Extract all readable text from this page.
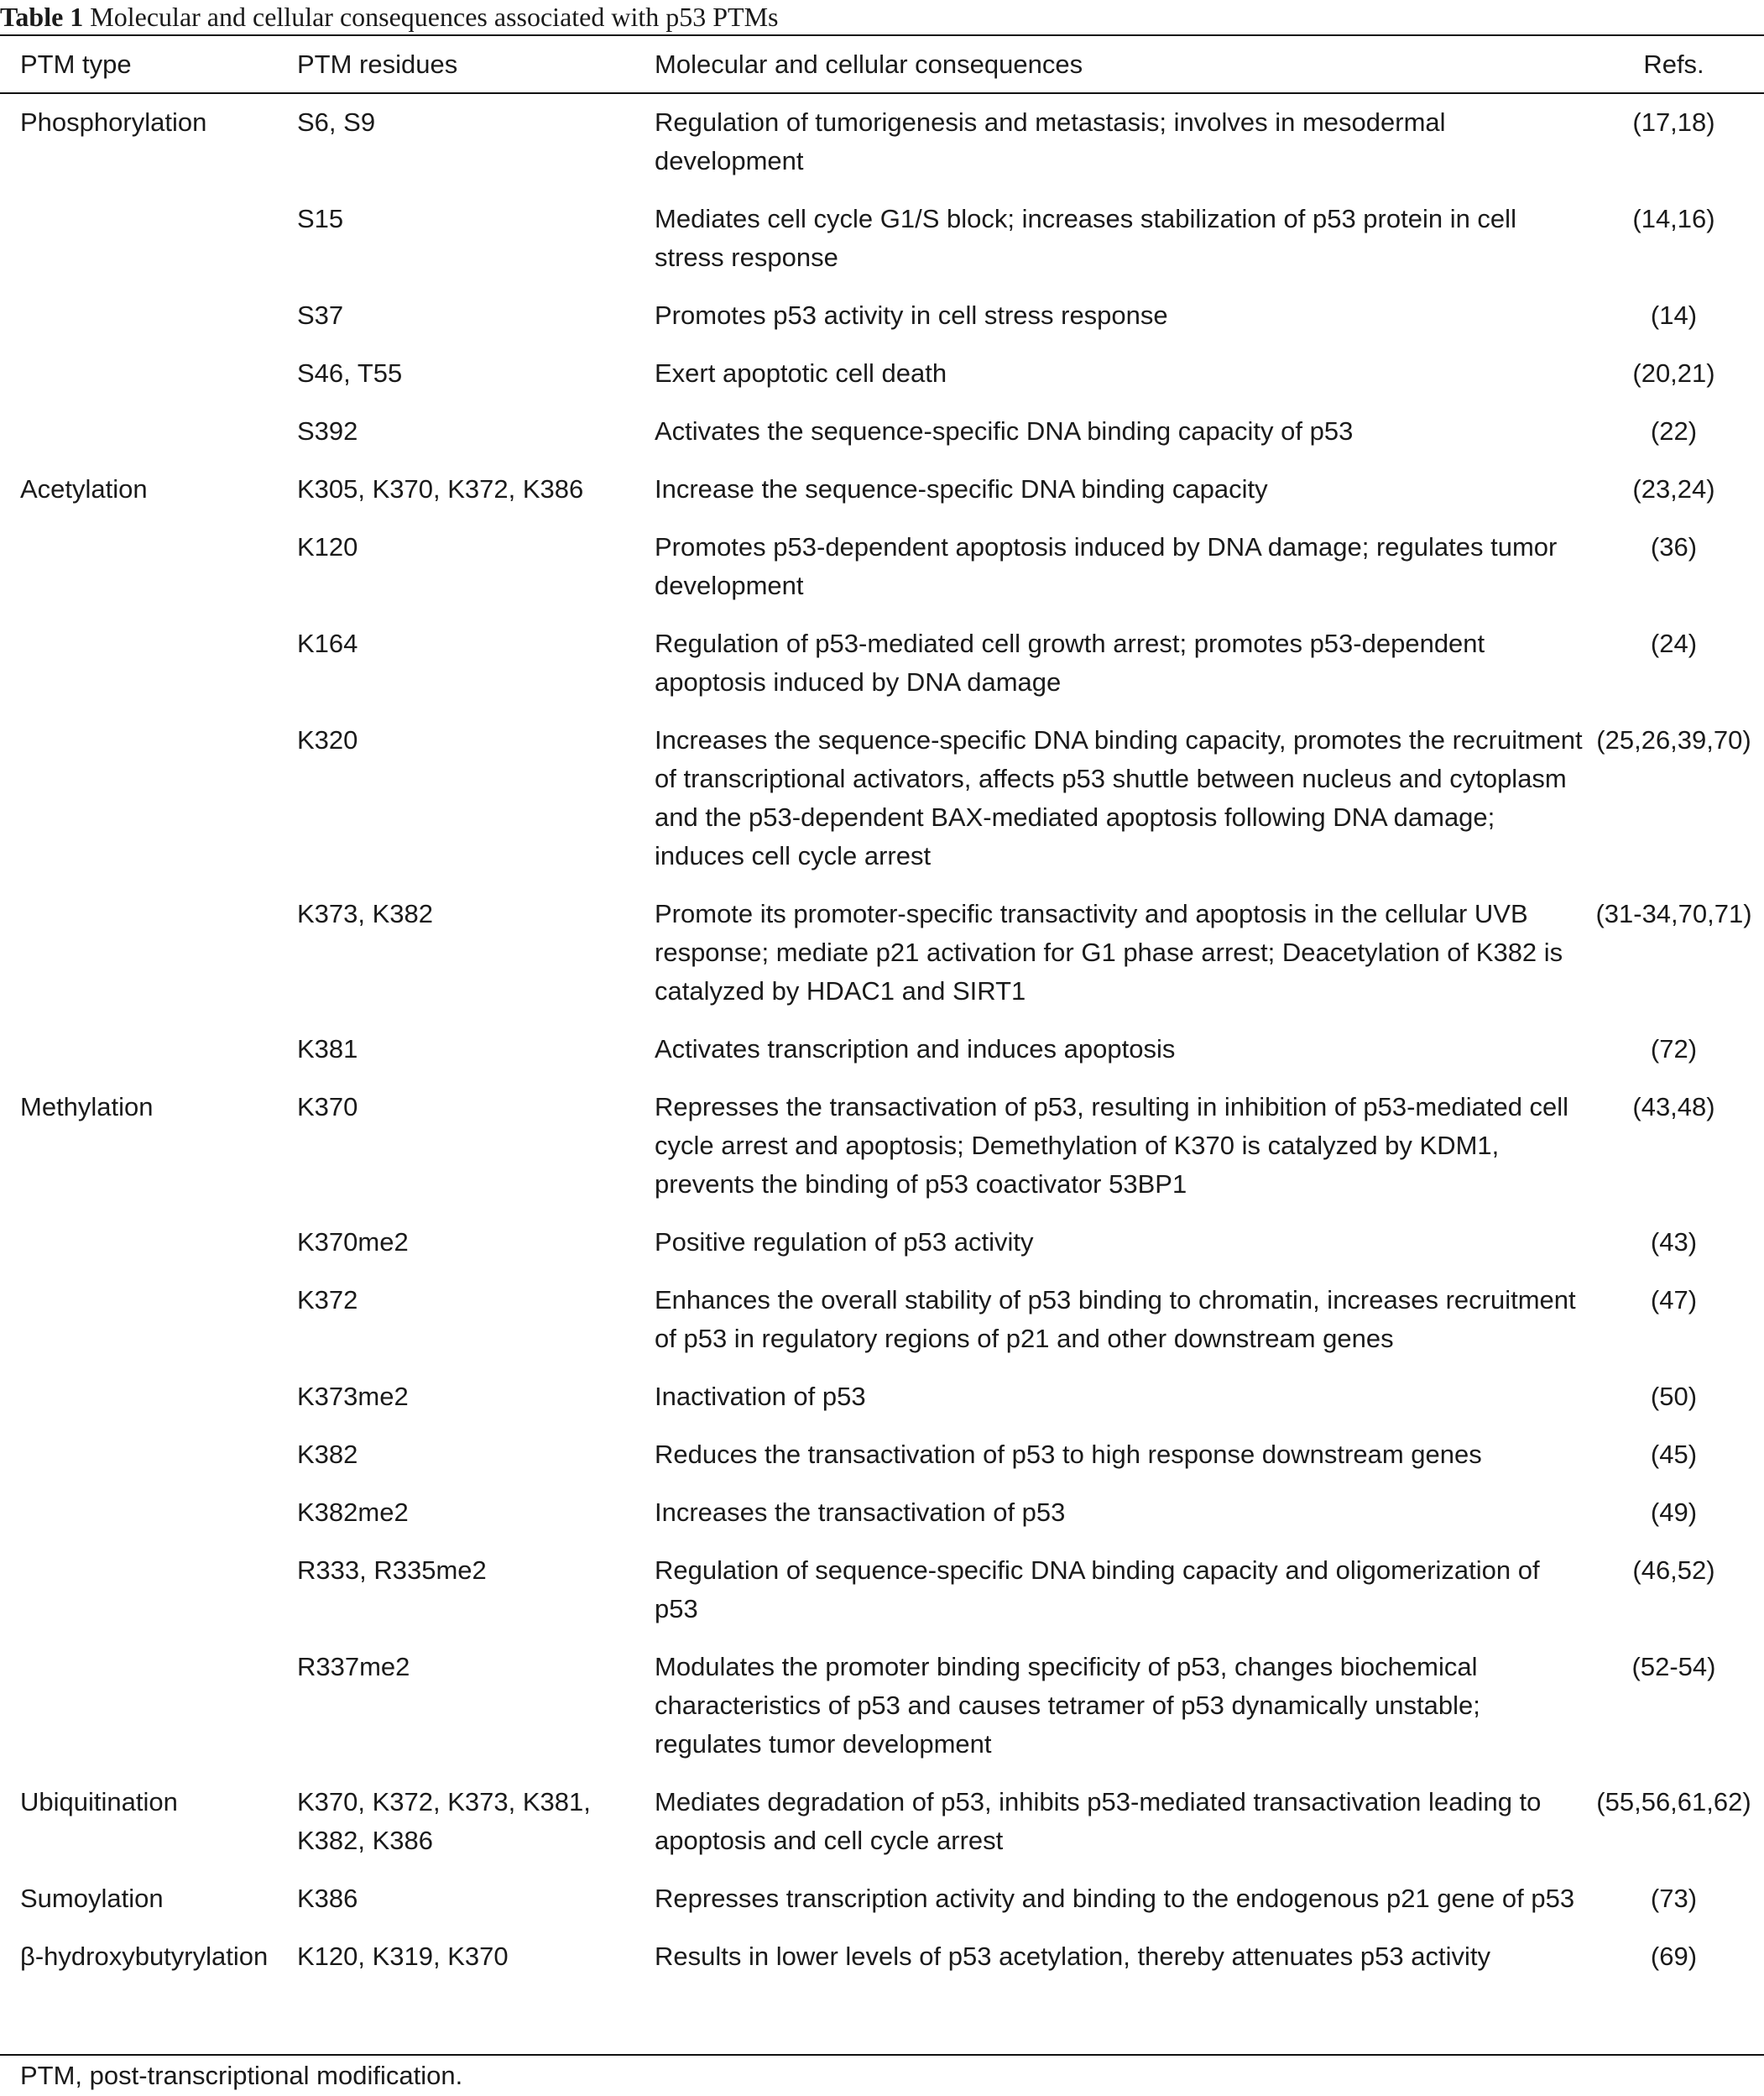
Table 1 Molecular and cellular consequences associated with p53 PTMs
PTM type	PTM residues	Molecular and cellular consequences	Refs.
Phosphorylation	S6, S9	Regulation of tumorigenesis and metastasis; involves in mesodermal development	(17,18)
	S15	Mediates cell cycle G1/S block; increases stabilization of p53 protein in cell stress response	(14,16)
	S37	Promotes p53 activity in cell stress response	(14)
	S46, T55	Exert apoptotic cell death	(20,21)
	S392	Activates the sequence-specific DNA binding capacity of p53	(22)
Acetylation	K305, K370, K372, K386	Increase the sequence-specific DNA binding capacity	(23,24)
	K120	Promotes p53-dependent apoptosis induced by DNA damage; regulates tumor development	(36)
	K164	Regulation of p53-mediated cell growth arrest; promotes p53-dependent apoptosis induced by DNA damage	(24)
	K320	Increases the sequence-specific DNA binding capacity, promotes the recruitment of transcriptional activators, affects p53 shuttle between nucleus and cytoplasm and the p53-dependent BAX-mediated apoptosis following DNA damage; induces cell cycle arrest	(25,26,39,70)
	K373, K382	Promote its promoter-specific transactivity and apoptosis in the cellular UVB response; mediate p21 activation for G1 phase arrest; Deacetylation of K382 is catalyzed by HDAC1 and SIRT1	(31-34,70,71)
	K381	Activates transcription and induces apoptosis	(72)
Methylation	K370	Represses the transactivation of p53, resulting in inhibition of p53-mediated cell cycle arrest and apoptosis; Demethylation of K370 is catalyzed by KDM1, prevents the binding of p53 coactivator 53BP1	(43,48)
	K370me2	Positive regulation of p53 activity	(43)
	K372	Enhances the overall stability of p53 binding to chromatin, increases recruitment of p53 in regulatory regions of p21 and other downstream genes	(47)
	K373me2	Inactivation of p53	(50)
	K382	Reduces the transactivation of p53 to high response downstream genes	(45)
	K382me2	Increases the transactivation of p53	(49)
	R333, R335me2	Regulation of sequence-specific DNA binding capacity and oligomerization of p53	(46,52)
	R337me2	Modulates the promoter binding specificity of p53, changes biochemical characteristics of p53 and causes tetramer of p53 dynamically unstable; regulates tumor development	(52-54)
Ubiquitination	K370, K372, K373, K381, K382, K386	Mediates degradation of p53, inhibits p53-mediated transactivation leading to apoptosis and cell cycle arrest	(55,56,61,62)
Sumoylation	K386	Represses transcription activity and binding to the endogenous p21 gene of p53	(73)
β-hydroxybutyrylation	K120, K319, K370	Results in lower levels of p53 acetylation, thereby attenuates p53 activity	(69)
PTM, post-transcriptional modification.
